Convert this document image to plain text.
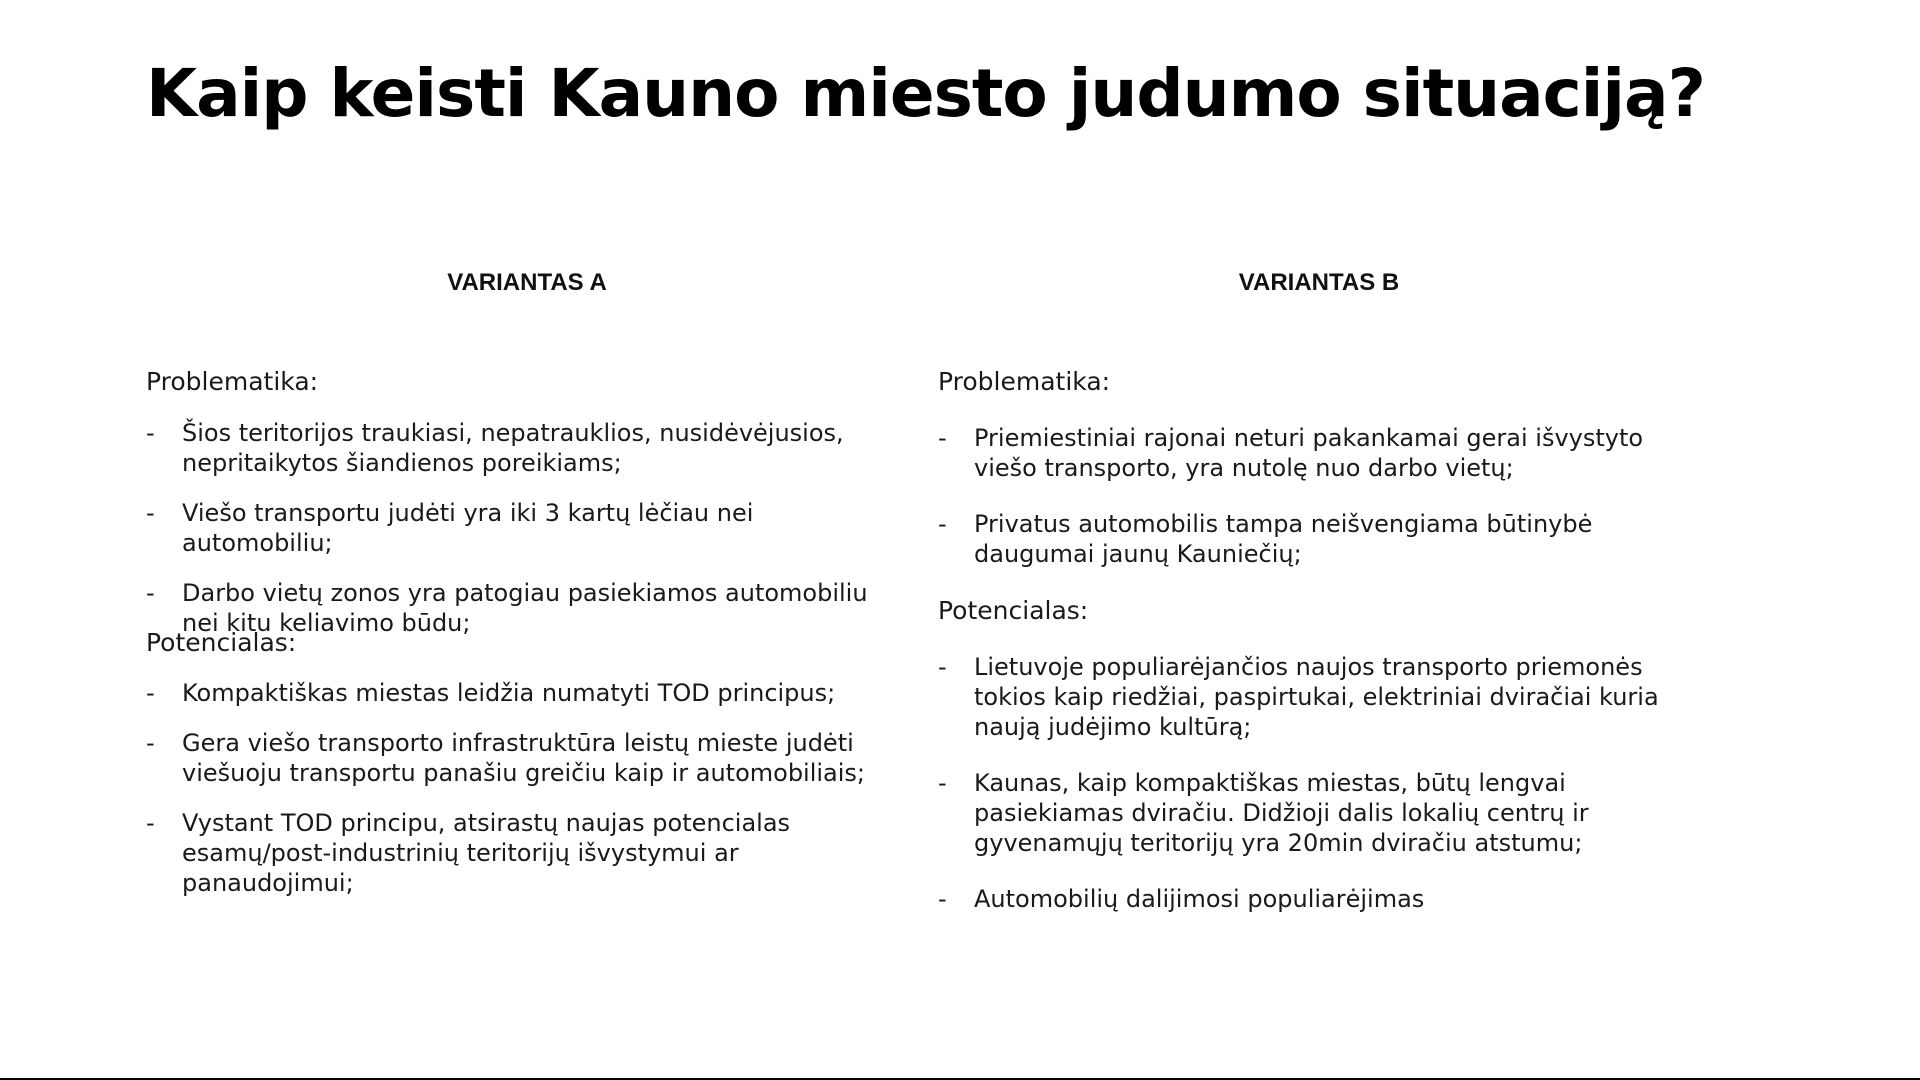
Kaip keisti Kauno miesto judumo situaciją?
VARIANTAS A

Problematika:

- Šios teritorijos traukiasi, nepatrauklios, nusidėvėjusios, nepritaikytos šiandienos poreikiams;
- Viešo transportu judėti yra iki 3 kartų lėčiau nei automobiliu;
- Darbo vietų zonos yra patogiau pasiekiamos automobiliu nei kitu keliavimo būdu;

Potencialas:

- Kompaktiškas miestas leidžia numatyti TOD principus;
- Gera viešo transporto infrastruktūra leistų mieste judėti viešuoju transportu panašiu greičiu kaip ir automobiliais;
- Vystant TOD principu, atsirastų naujas potencialas esamų/post-industrinių teritorijų išvystymui ar panaudojimui;
VARIANTAS B

Problematika:

- Priemiestiniai rajonai neturi pakankamai gerai išvystyto viešo transporto, yra nutolę nuo darbo vietų;
- Privatus automobilis tampa neišvengiama būtinybė daugumai jaunų Kauniečių;

Potencialas:

- Lietuvoje populiarėjančios naujos transporto priemonės tokios kaip riedžiai, paspirtukai, elektriniai dviračiai kuria naują judėjimo kultūrą;
- Kaunas, kaip kompaktiškas miestas, būtų lengvai pasiekiamas dviračiu. Didžioji dalis lokalių centrų ir gyvenamųjų teritorijų yra 20min dviračiu atstumu;
- Automobilių dalijimosi populiarėjimas
